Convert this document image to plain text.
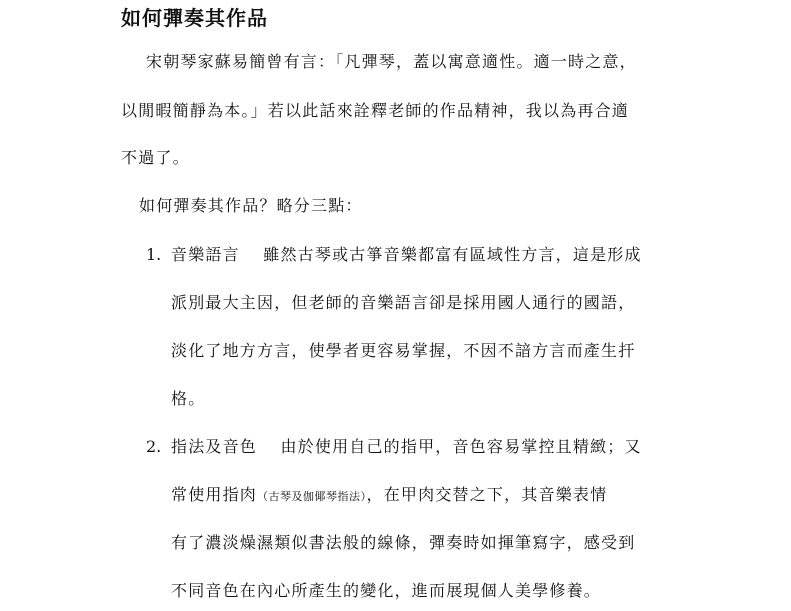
如何彈奏其作品
宋朝琴家蘇易簡曾有言：「凡彈琴，蓋以寓意適性。適一時之意，
以閒暇簡靜為本。」若以此話來詮釋老師的作品精神，我以為再合適
不過了。
如何彈奏其作品？略分三點：
1. 音樂語言　 雖然古琴或古箏音樂都富有區域性方言，這是形成
派別最大主因，但老師的音樂語言卻是採用國人通行的國語，
淡化了地方方言，使學者更容易掌握，不因不諳方言而產生扞
格。
2. 指法及音色　 由於使用自己的指甲，音色容易掌控且精緻；又
常使用指肉（古琴及伽倻琴指法），在甲肉交替之下，其音樂表情
有了濃淡燥濕類似書法般的線條，彈奏時如揮筆寫字，感受到
不同音色在內心所產生的變化，進而展現個人美學修養。
